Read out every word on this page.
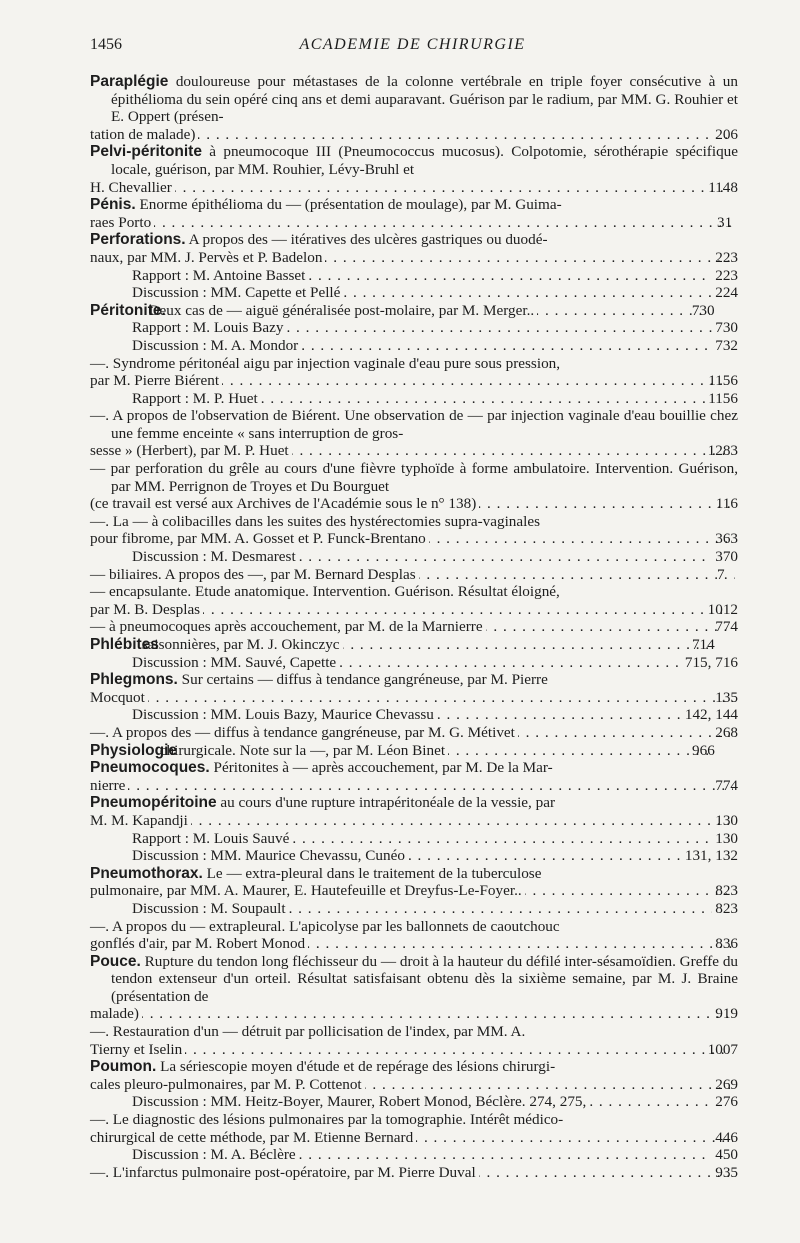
1456	ACADEMIE DE CHIRURGIE
Paraplégie douloureuse pour métastases de la colonne vertébrale en triple foyer consécutive à un épithélioma du sein opéré cinq ans et demi auparavant. Guérison par le radium, par MM. G. Rouhier et E. Oppert (présen-
tation de malade) . . .	206
Pelvi-péritonite à pneumocoque III (Pneumococcus mucosus). Colpotomie, sérothérapie spécifique locale, guérison, par MM. Rouhier, Lévy-Bruhl et
H. Chevallier . . .	1148
Pénis. Enorme épithélioma du — (présentation de moulage), par M. Guima-
raes Porto . . .	31
Perforations. A propos des — itératives des ulcères gastriques ou duodé-
naux, par MM. J. Pervès et P. Badelon . . .	223
Rapport : M. Antoine Basset . . .	223
Discussion : MM. Capette et Pellé . . .	224
Péritonite.
Deux cas de — aiguë généralisée post-molaire, par M. Merger.. . . .	730
Rapport : M. Louis Bazy . . .	730
Discussion : M. A. Mondor . . .	732
—. Syndrome péritonéal aigu par injection vaginale d'eau pure sous pression,
par M. Pierre Biérent . . .	1156
Rapport : M. P. Huet . . .	1156
—. A propos de l'observation de Biérent. Une observation de — par injection vaginale d'eau bouillie chez une femme enceinte « sans interruption de gros-
sesse » (Herbert), par M. P. Huet . . .	1283
— par perforation du grêle au cours d'une fièvre typhoïde à forme ambulatoire. Intervention. Guérison, par MM. Perrignon de Troyes et Du Bourguet
(ce travail est versé aux Archives de l'Académie sous le n° 138) . . .	116
—. La — à colibacilles dans les suites des hystérectomies supra-vaginales
pour fibrome, par MM. A. Gosset et P. Funck-Brentano . . .	363
Discussion : M. Desmarest . . .	370
— biliaires. A propos des —, par M. Bernard Desplas . . .	7
— encapsulante. Etude anatomique. Intervention. Guérison. Résultat éloigné,
par M. B. Desplas . . .	1012
— à pneumocoques après accouchement, par M. de la Marnierre . . .	774
Phlébites
saisonnières, par M. J. Okinczyc . . .	714
Discussion : MM. Sauvé, Capette . . .	715, 716
Phlegmons. Sur certains — diffus à tendance gangréneuse, par M. Pierre
Mocquot . . .	135
Discussion : MM. Louis Bazy, Maurice Chevassu . . .	142, 144
—. A propos des — diffus à tendance gangréneuse, par M. G. Métivet . . .	268
Physiologie
chirurgicale. Note sur la —, par M. Léon Binet . . .	966
Pneumocoques. Péritonites à — après accouchement, par M. De la Mar-
nierre . . .	774
Pneumopéritoine au cours d'une rupture intrapéritonéale de la vessie, par
M. M. Kapandji . . .	130
Rapport : M. Louis Sauvé . . .	130
Discussion : MM. Maurice Chevassu, Cunéo . . .	131, 132
Pneumothorax. Le — extra-pleural dans le traitement de la tuberculose
pulmonaire, par MM. A. Maurer, E. Hautefeuille et Dreyfus-Le-Foyer.. . . .	823
Discussion : M. Soupault . . .	823
—. A propos du — extrapleural. L'apicolyse par les ballonnets de caoutchouc
gonflés d'air, par M. Robert Monod . . .	836
Pouce. Rupture du tendon long fléchisseur du — droit à la hauteur du défilé inter-sésamoïdien. Greffe du tendon extenseur d'un orteil. Résultat satisfaisant obtenu dès la sixième semaine, par M. J. Braine (présentation de
malade) . . .	919
—. Restauration d'un — détruit par pollicisation de l'index, par MM. A.
Tierny et Iselin . . .	1007
Poumon. La sériescopie moyen d'étude et de repérage des lésions chirurgi-
cales pleuro-pulmonaires, par M. P. Cottenot . . .	269
Discussion : MM. Heitz-Boyer, Maurer, Robert Monod, Béclère. 274, 275, . . .	276
—. Le diagnostic des lésions pulmonaires par la tomographie. Intérêt médico-
chirurgical de cette méthode, par M. Etienne Bernard . . .	446
Discussion : M. A. Béclère . . .	450
—. L'infarctus pulmonaire post-opératoire, par M. Pierre Duval . . .	935
